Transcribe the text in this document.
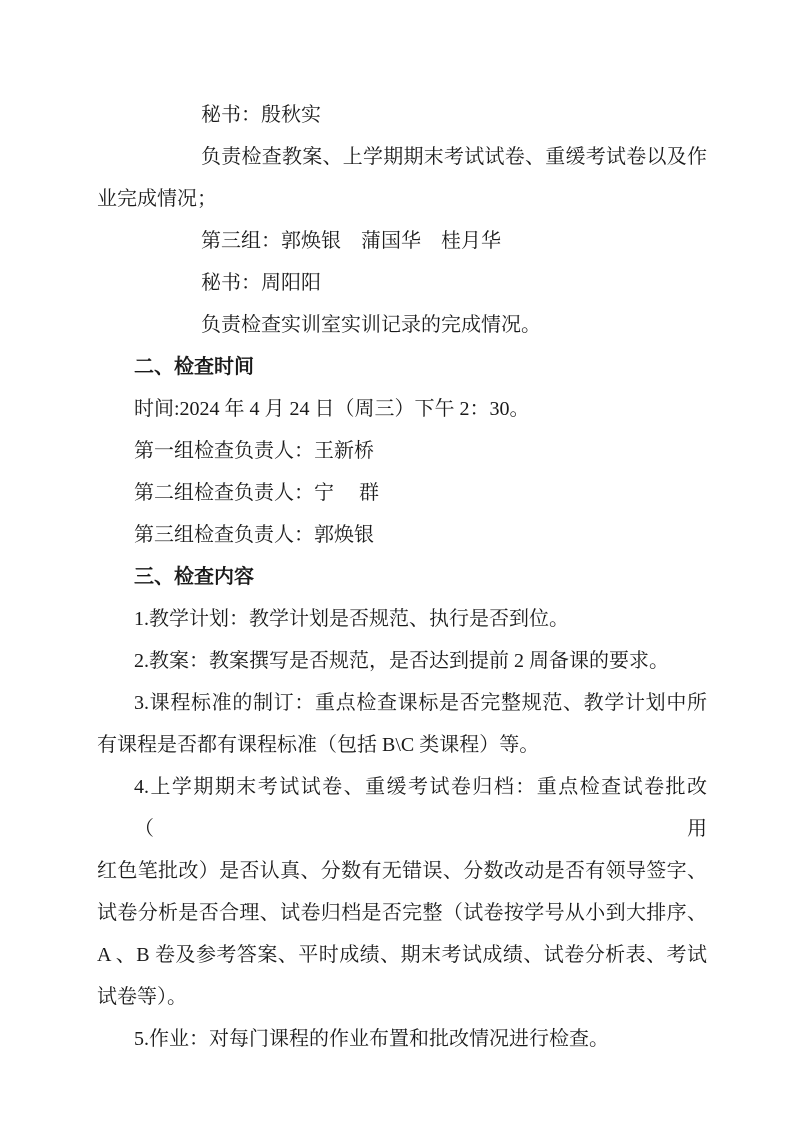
秘书：殷秋实
负责检查教案、上学期期末考试试卷、重缓考试卷以及作
业完成情况；
第三组：郭焕银　蒲国华　桂月华
秘书：周阳阳
负责检查实训室实训记录的完成情况。
二、检查时间
时间:2024 年 4 月 24 日（周三）下午 2：30。
第一组检查负责人：王新桥
第二组检查负责人：宁　 群
第三组检查负责人：郭焕银
三、检查内容
1.教学计划：教学计划是否规范、执行是否到位。
2.教案：教案撰写是否规范，是否达到提前 2 周备课的要求。
3.课程标准的制订：重点检查课标是否完整规范、教学计划中所
有课程是否都有课程标准（包括 B\C 类课程）等。
4.上学期期末考试试卷、重缓考试卷归档：重点检查试卷批改（用
红色笔批改）是否认真、分数有无错误、分数改动是否有领导签字、
试卷分析是否合理、试卷归档是否完整（试卷按学号从小到大排序、
A 、B 卷及参考答案、平时成绩、期末考试成绩、试卷分析表、考试
试卷等）。
5.作业：对每门课程的作业布置和批改情况进行检查。
